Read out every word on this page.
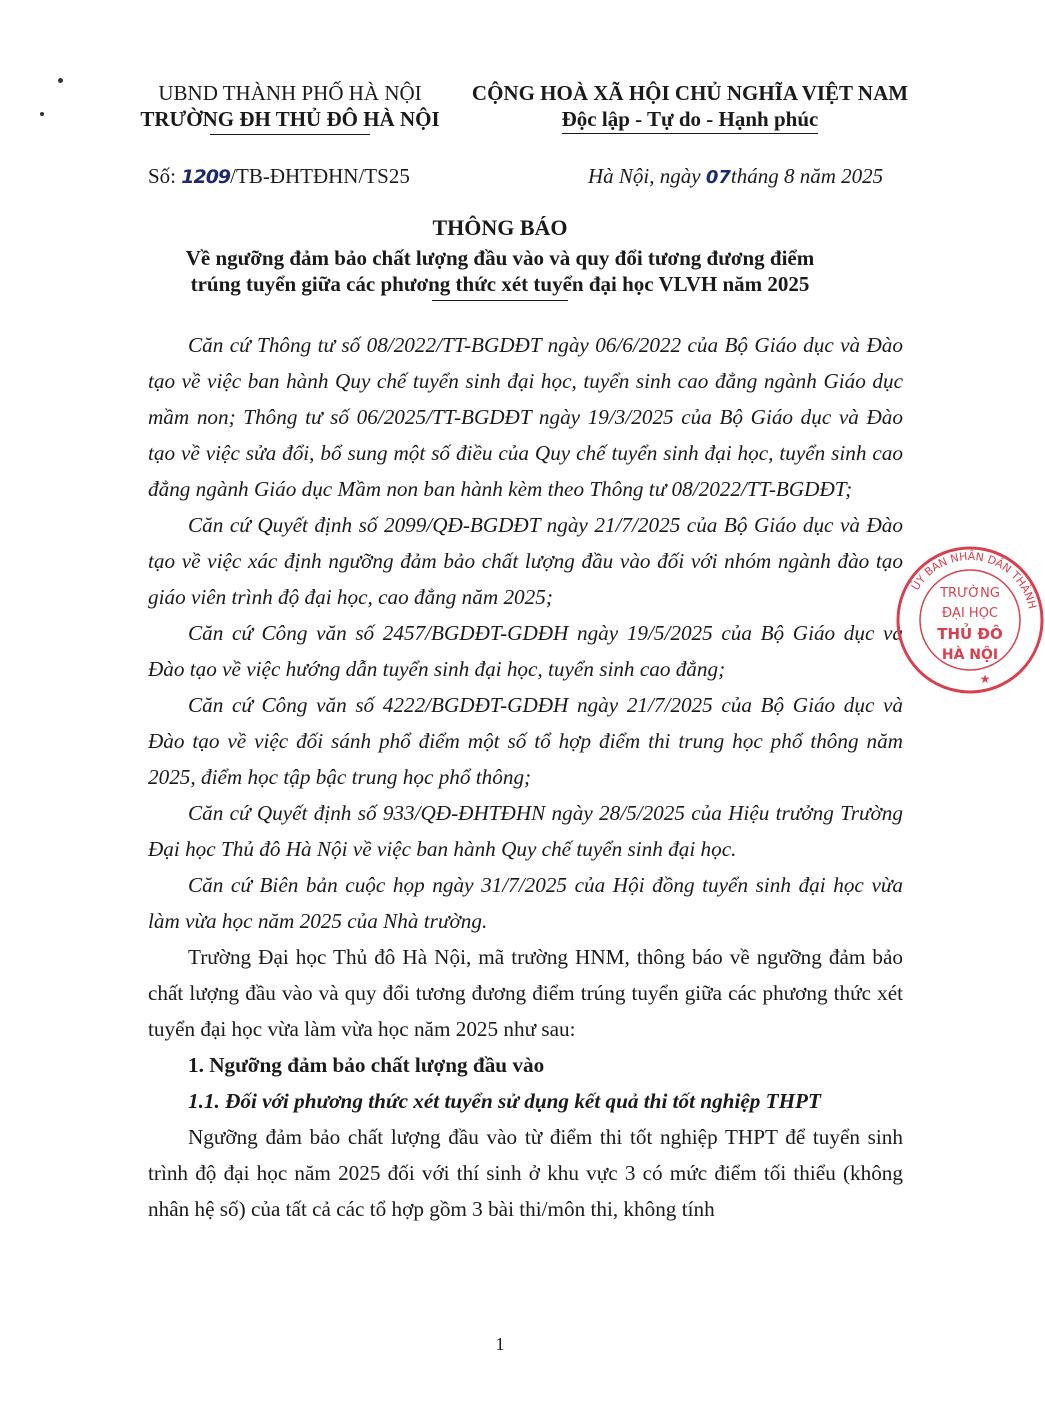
UBND THÀNH PHỐ HÀ NỘI
TRƯỜNG ĐH THỦ ĐÔ HÀ NỘI
CỘNG HOÀ XÃ HỘI CHỦ NGHĨA VIỆT NAM
Độc lập - Tự do - Hạnh phúc
Số: 1209/TB-ĐHTĐHN/TS25	Hà Nội, ngày 07tháng 8 năm 2025
THÔNG BÁO
Về ngưỡng đảm bảo chất lượng đầu vào và quy đổi tương đương điểm
trúng tuyển giữa các phương thức xét tuyển đại học VLVH năm 2025

Căn cứ Thông tư số 08/2022/TT-BGDĐT ngày 06/6/2022 của Bộ Giáo dục và Đào tạo về việc ban hành Quy chế tuyển sinh đại học, tuyển sinh cao đẳng ngành Giáo dục mầm non; Thông tư số 06/2025/TT-BGDĐT ngày 19/3/2025 của Bộ Giáo dục và Đào tạo về việc sửa đổi, bổ sung một số điều của Quy chế tuyển sinh đại học, tuyển sinh cao đẳng ngành Giáo dục Mầm non ban hành kèm theo Thông tư 08/2022/TT-BGDĐT;

Căn cứ Quyết định số 2099/QĐ-BGDĐT ngày 21/7/2025 của Bộ Giáo dục và Đào tạo về việc xác định ngưỡng đảm bảo chất lượng đầu vào đối với nhóm ngành đào tạo giáo viên trình độ đại học, cao đẳng năm 2025;

Căn cứ Công văn số 2457/BGDĐT-GDĐH ngày 19/5/2025 của Bộ Giáo dục và Đào tạo về việc hướng dẫn tuyển sinh đại học, tuyển sinh cao đẳng;

Căn cứ Công văn số 4222/BGDĐT-GDĐH ngày 21/7/2025 của Bộ Giáo dục và Đào tạo về việc đối sánh phổ điểm một số tổ hợp điểm thi trung học phổ thông năm 2025, điểm học tập bậc trung học phổ thông;

Căn cứ Quyết định số 933/QĐ-ĐHTĐHN ngày 28/5/2025 của Hiệu trưởng Trường Đại học Thủ đô Hà Nội về việc ban hành Quy chế tuyển sinh đại học.

Căn cứ Biên bản cuộc họp ngày 31/7/2025 của Hội đồng tuyển sinh đại học vừa làm vừa học năm 2025 của Nhà trường.

Trường Đại học Thủ đô Hà Nội, mã trường HNM, thông báo về ngưỡng đảm bảo chất lượng đầu vào và quy đổi tương đương điểm trúng tuyển giữa các phương thức xét tuyển đại học vừa làm vừa học năm 2025 như sau:

1. Ngưỡng đảm bảo chất lượng đầu vào

1.1. Đối với phương thức xét tuyển sử dụng kết quả thi tốt nghiệp THPT

Ngưỡng đảm bảo chất lượng đầu vào từ điểm thi tốt nghiệp THPT để tuyển sinh trình độ đại học năm 2025 đối với thí sinh ở khu vực 3 có mức điểm tối thiểu (không nhân hệ số) của tất cả các tổ hợp gồm 3 bài thi/môn thi, không tính

ỦY BAN NHÂN DÂN THÀNH
TRƯỜNG
ĐẠI HỌC
THỦ ĐÔ
HÀ NỘI
★
1
